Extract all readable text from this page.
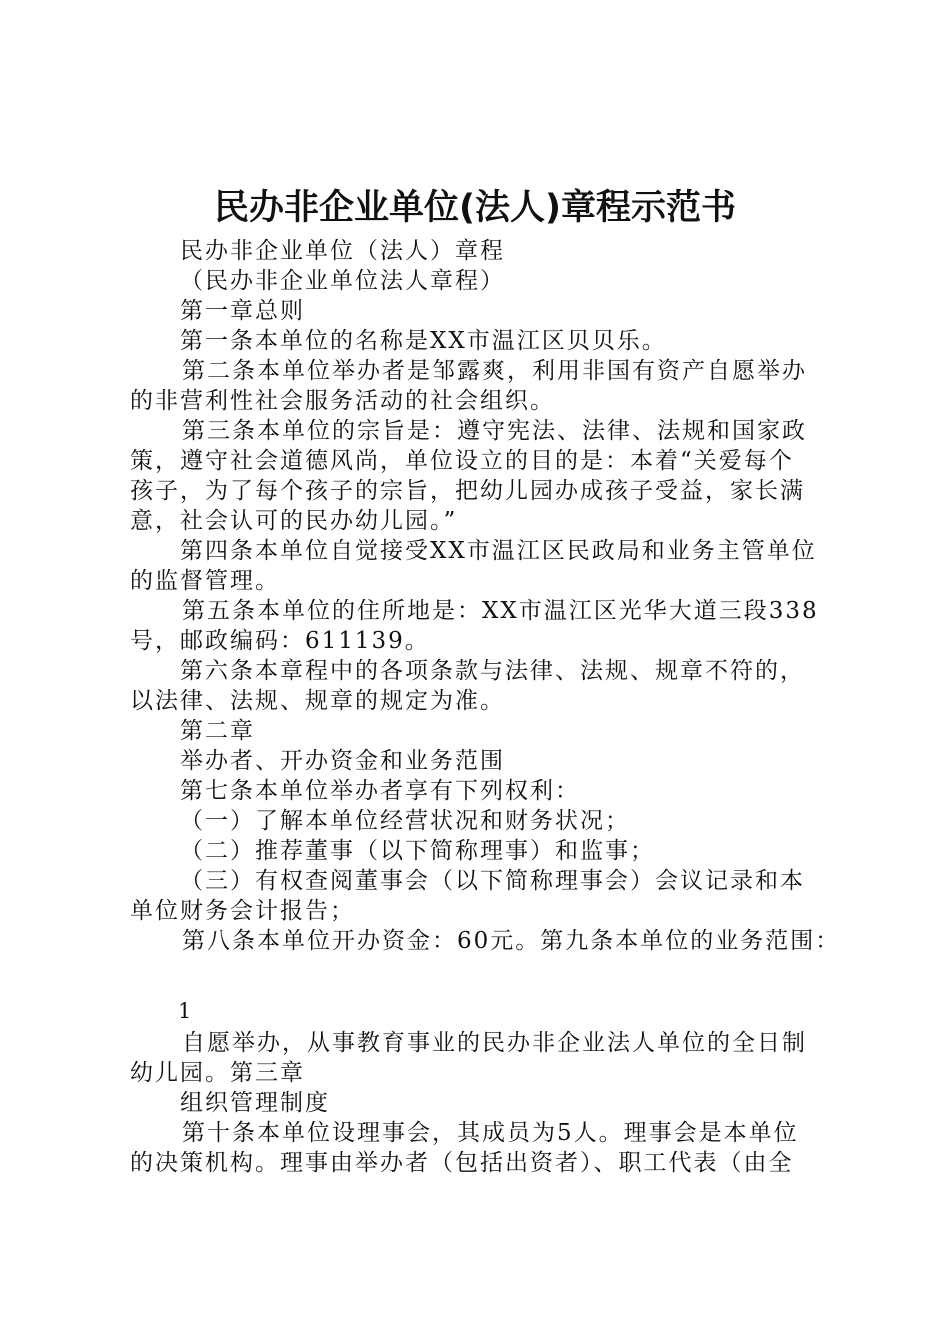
民办非企业单位(法人)章程示范书
民办非企业单位（法人）章程
（民办非企业单位法人章程）
第一章总则
第一条本单位的名称是XX市温江区贝贝乐。
第二条本单位举办者是邹露爽，利用非国有资产自愿举办
的非营利性社会服务活动的社会组织。
第三条本单位的宗旨是：遵守宪法、法律、法规和国家政
策，遵守社会道德风尚，单位设立的目的是：本着“关爱每个
孩子，为了每个孩子的宗旨，把幼儿园办成孩子受益，家长满
意，社会认可的民办幼儿园。”
第四条本单位自觉接受XX市温江区民政局和业务主管单位
的监督管理。
第五条本单位的住所地是：XX市温江区光华大道三段338
号，邮政编码：611139。
第六条本章程中的各项条款与法律、法规、规章不符的，
以法律、法规、规章的规定为准。
第二章
举办者、开办资金和业务范围
第七条本单位举办者享有下列权利：
（一）了解本单位经营状况和财务状况；
（二）推荐董事（以下简称理事）和监事；
（三）有权查阅董事会（以下简称理事会）会议记录和本
单位财务会计报告；
第八条本单位开办资金：60元。第九条本单位的业务范围：
1
自愿举办，从事教育事业的民办非企业法人单位的全日制
幼儿园。第三章
组织管理制度
第十条本单位设理事会，其成员为5人。理事会是本单位
的决策机构。理事由举办者（包括出资者）、职工代表（由全
